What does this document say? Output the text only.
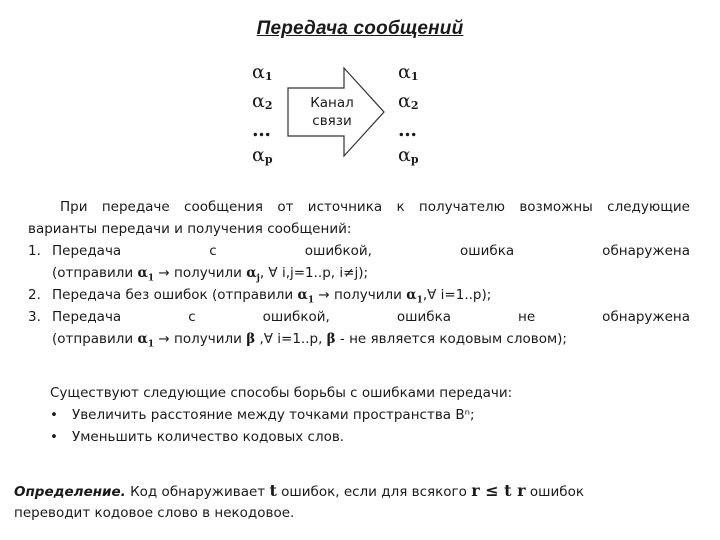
Передача сообщений
$\alpha_1$
$\alpha_2$
…
$\alpha_p$
Канал
связи
$\alpha_1$
$\alpha_2$
…
$\alpha_p$
При передаче сообщения от источника к получателю возможны следующие
варианты передачи и получения сообщений:
1. Передача с ошибкой, ошибка обнаружена
(отправили $\alpha_1$ → получили $\alpha_j$, ∀ i,j=1..p, i≠j);
2. Передача без ошибок (отправили $\alpha_1$ → получили $\alpha_1,\forall$ i=1..p);
3. Передача с ошибкой, ошибка не обнаружена
(отправили $\alpha_1$ → получили β ,∀ i=1..p, β - не является кодовым словом);
Существуют следующие способы борьбы с ошибками передачи:
• Увеличить расстояние между точками пространства Bⁿ;
• Уменьшить количество кодовых слов.
Определение. Код обнаруживает t ошибок, если для всякого r ≤ t r ошибок
переводит кодовое слово в некодовое.
